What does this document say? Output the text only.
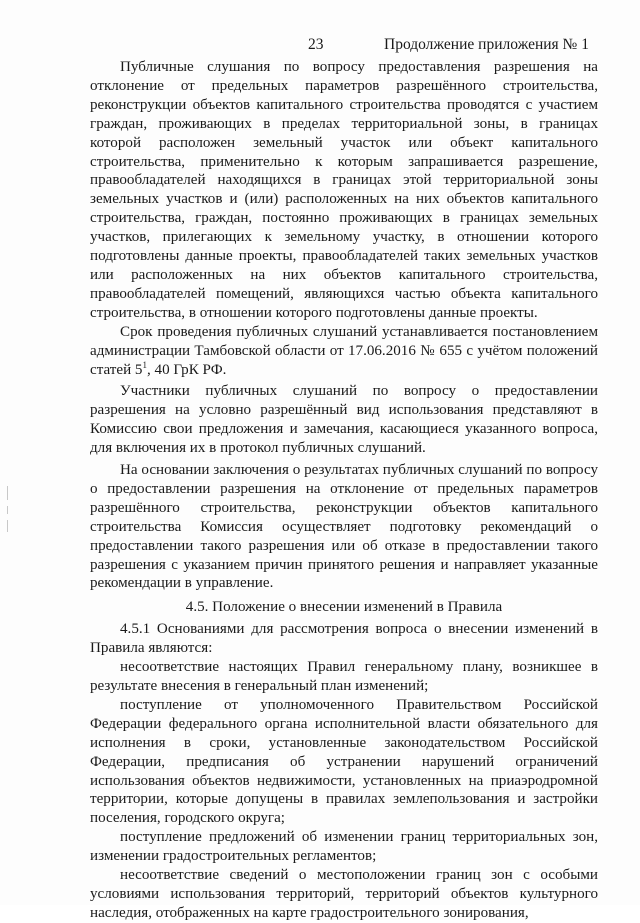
23	Продолжение приложения № 1

Публичные слушания по вопросу предоставления разрешения на отклонение от предельных параметров разрешённого строительства, реконструкции объектов капитального строительства проводятся с участием граждан, проживающих в пределах территориальной зоны, в границах которой расположен земельный участок или объект капитального строительства, применительно к которым запрашивается разрешение, правообладателей находящихся в границах этой территориальной зоны земельных участков и (или) расположенных на них объектов капитального строительства, граждан, постоянно проживающих в границах земельных участков, прилегающих к земельному участку, в отношении которого подготовлены данные проекты, правообладателей таких земельных участков или расположенных на них объектов капитального строительства, правообладателей помещений, являющихся частью объекта капитального строительства, в отношении которого подготовлены данные проекты.

Срок проведения публичных слушаний устанавливается постановлением администрации Тамбовской области от 17.06.2016 № 655 с учётом положений статей $5^1$, 40 ГрК РФ.

Участники публичных слушаний по вопросу о предоставлении разрешения на условно разрешённый вид использования представляют в Комиссию свои предложения и замечания, касающиеся указанного вопроса, для включения их в протокол публичных слушаний.

На основании заключения о результатах публичных слушаний по вопросу о предоставлении разрешения на отклонение от предельных параметров разрешённого строительства, реконструкции объектов капитального строительства Комиссия осуществляет подготовку рекомендаций о предоставлении такого разрешения или об отказе в предоставлении такого разрешения с указанием причин принятого решения и направляет указанные рекомендации в управление.

4.5. Положение о внесении изменений в Правила

4.5.1 Основаниями для рассмотрения вопроса о внесении изменений в Правила являются:

несоответствие настоящих Правил генеральному плану, возникшее в результате внесения в генеральный план изменений;

поступление от уполномоченного Правительством Российской Федерации федерального органа исполнительной власти обязательного для исполнения в сроки, установленные законодательством Российской Федерации, предписания об устранении нарушений ограничений использования объектов недвижимости, установленных на приаэродромной территории, которые допущены в правилах землепользования и застройки поселения, городского округа;

поступление предложений об изменении границ территориальных зон, изменении градостроительных регламентов;

несоответствие сведений о местоположении границ зон с особыми условиями использования территорий, территорий объектов культурного наследия, отображенных на карте градостроительного зонирования,
